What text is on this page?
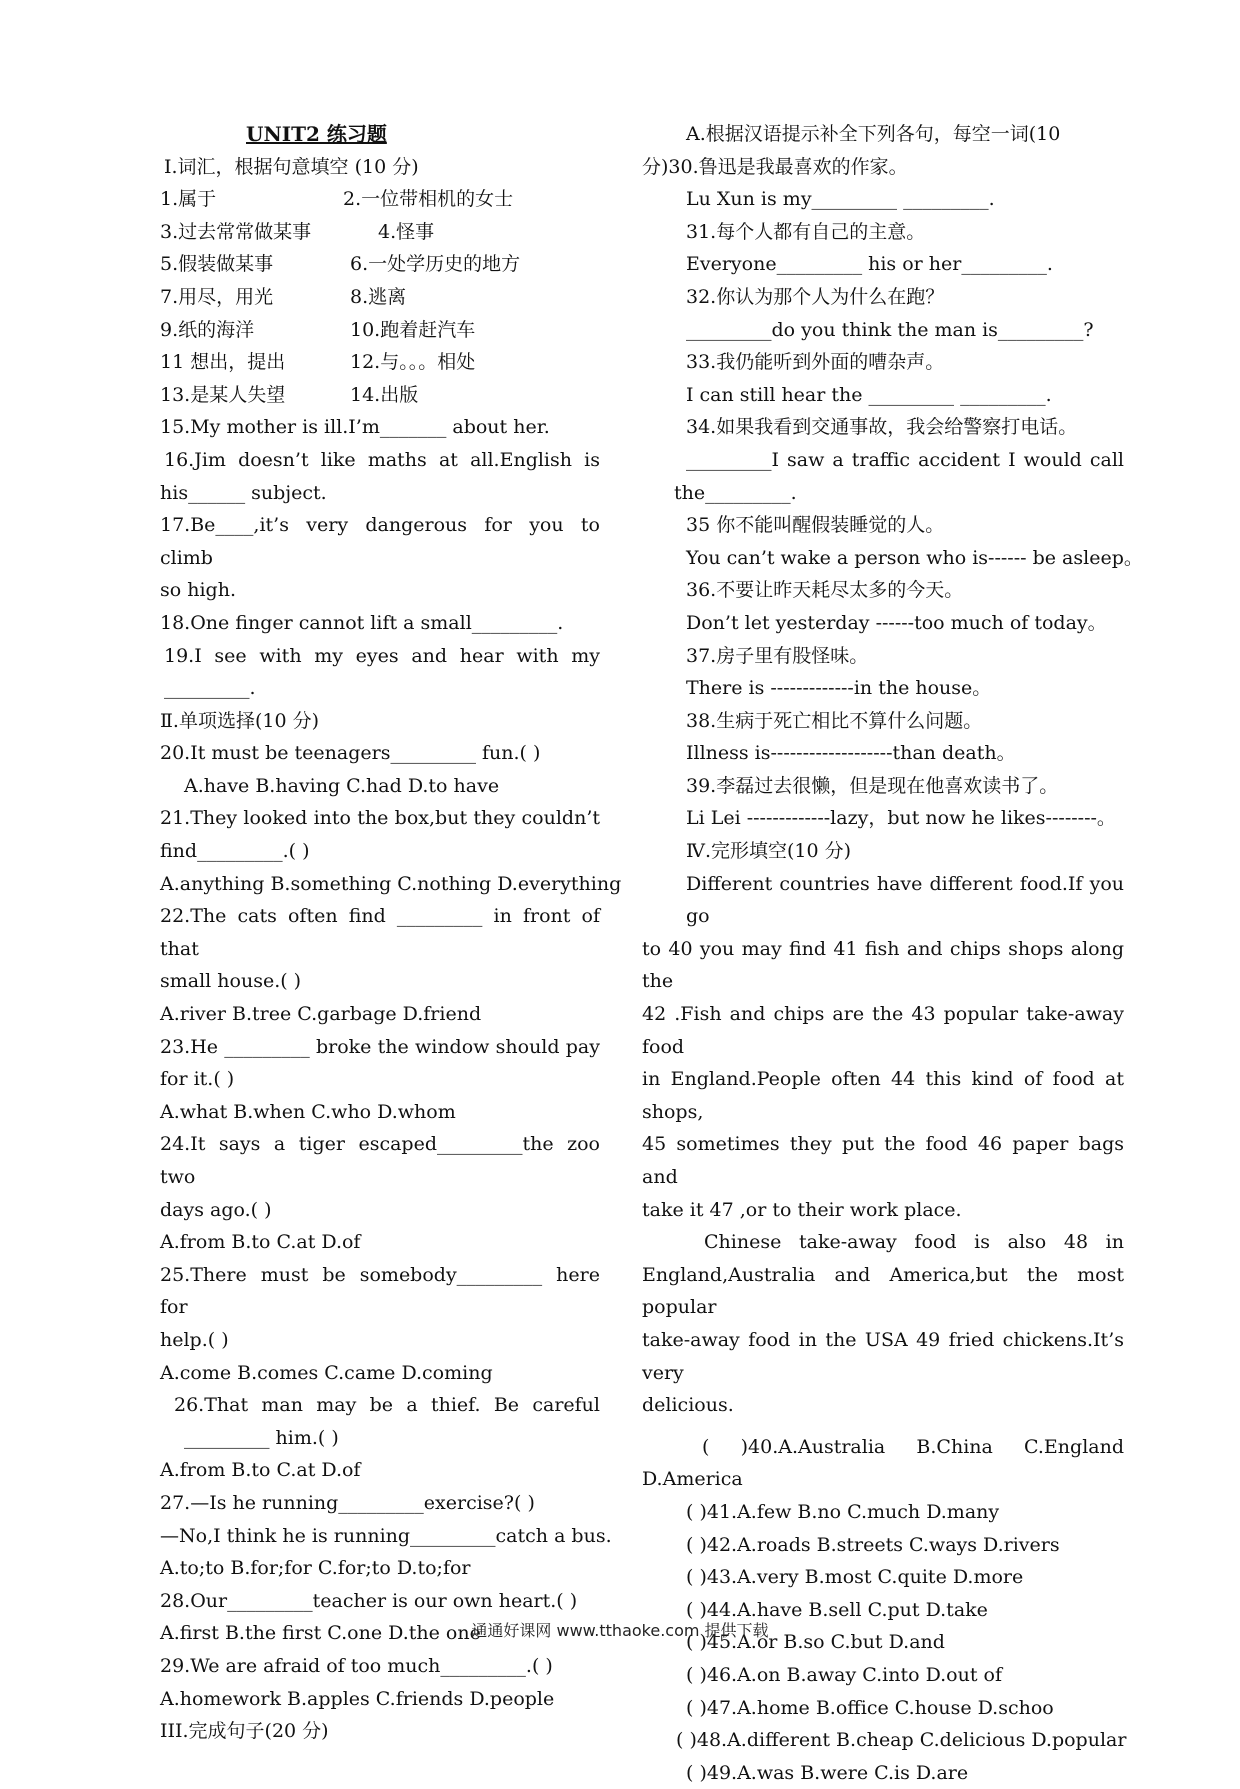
UNIT2 练习题
Ⅰ.词汇，根据句意填空 (10 分)
1.属于	2.一位带相机的女士
3.过去常常做某事	4.怪事
5.假装做某事	6.一处学历史的地方
7.用尽，用光	8.逃离
9.纸的海洋	10.跑着赶汽车
11 想出，提出	12.与。。。相处
13.是某人失望	14.出版
15.My mother is ill.I’m_______ about her.
16.Jim doesn’t like maths at all.English is
his______ subject.
17.Be____,it’s very dangerous for you to climb
so high.
18.One finger cannot lift a small_________.
19.I see with my eyes and hear with my
_________.
Ⅱ.单项选择(10 分)
20.It must be teenagers_________ fun.( )
A.have B.having C.had D.to have
21.They looked into the box,but they couldn’t
find_________.( )
A.anything B.something C.nothing D.everything
22.The cats often find _________ in front of that
small house.( )
A.river B.tree C.garbage D.friend
23.He _________ broke the window should pay
for it.( )
A.what B.when C.who D.whom
24.It says a tiger escaped_________the zoo two
days ago.( )
A.from B.to C.at D.of
25.There must be somebody_________ here for
help.( )
A.come B.comes C.came D.coming
26.That man may be a thief. Be careful
_________ him.( )
A.from B.to C.at D.of
27.—Is he running_________exercise?( )
—No,I think he is running_________catch a bus.
A.to;to B.for;for C.for;to D.to;for
28.Our_________teacher is our own heart.( )
A.first B.the first C.one D.the one
29.We are afraid of too much_________.( )
A.homework B.apples C.friends D.people
III.完成句子(20 分)
A.根据汉语提示补全下列各句，每空一词(10
分)30.鲁迅是我最喜欢的作家。
Lu Xun is my_________ _________.
31.每个人都有自己的主意。
Everyone_________ his or her_________.
32.你认为那个人为什么在跑？
_________do you think the man is_________?
33.我仍能听到外面的嘈杂声。
I can still hear the _________ _________.
34.如果我看到交通事故，我会给警察打电话。
_________I saw a traffic accident I would call
the_________.
35 你不能叫醒假装睡觉的人。
You can’t wake a person who is------ be asleep。
36.不要让昨天耗尽太多的今天。
Don’t let yesterday ------too much of today。
37.房子里有股怪味。
There is -------------in the house。
38.生病于死亡相比不算什么问题。
Illness is-------------------than death。
39.李磊过去很懒，但是现在他喜欢读书了。
Li Lei -------------lazy，but now he likes--------。
Ⅳ.完形填空(10 分)
Different countries have different food.If you go
to 40 you may find 41 fish and chips shops along the
42 .Fish and chips are the 43 popular take-away food
in England.People often 44 this kind of food at shops,
45 sometimes they put the food 46 paper bags and
take it 47 ,or to their work place.
Chinese take-away food is also 48 in
England,Australia and America,but the most popular
take-away food in the USA 49 fried chickens.It’s very
delicious.
( )40.A.Australia B.China C.England
D.America
( )41.A.few B.no C.much D.many
( )42.A.roads B.streets C.ways D.rivers
( )43.A.very B.most C.quite D.more
( )44.A.have B.sell C.put D.take
( )45.A.or B.so C.but D.and
( )46.A.on B.away C.into D.out of
( )47.A.home B.office C.house D.schoo
( )48.A.different B.cheap C.delicious D.popular
( )49.A.was B.were C.is D.are
通通好课网 www.tthaoke.com 提供下载
